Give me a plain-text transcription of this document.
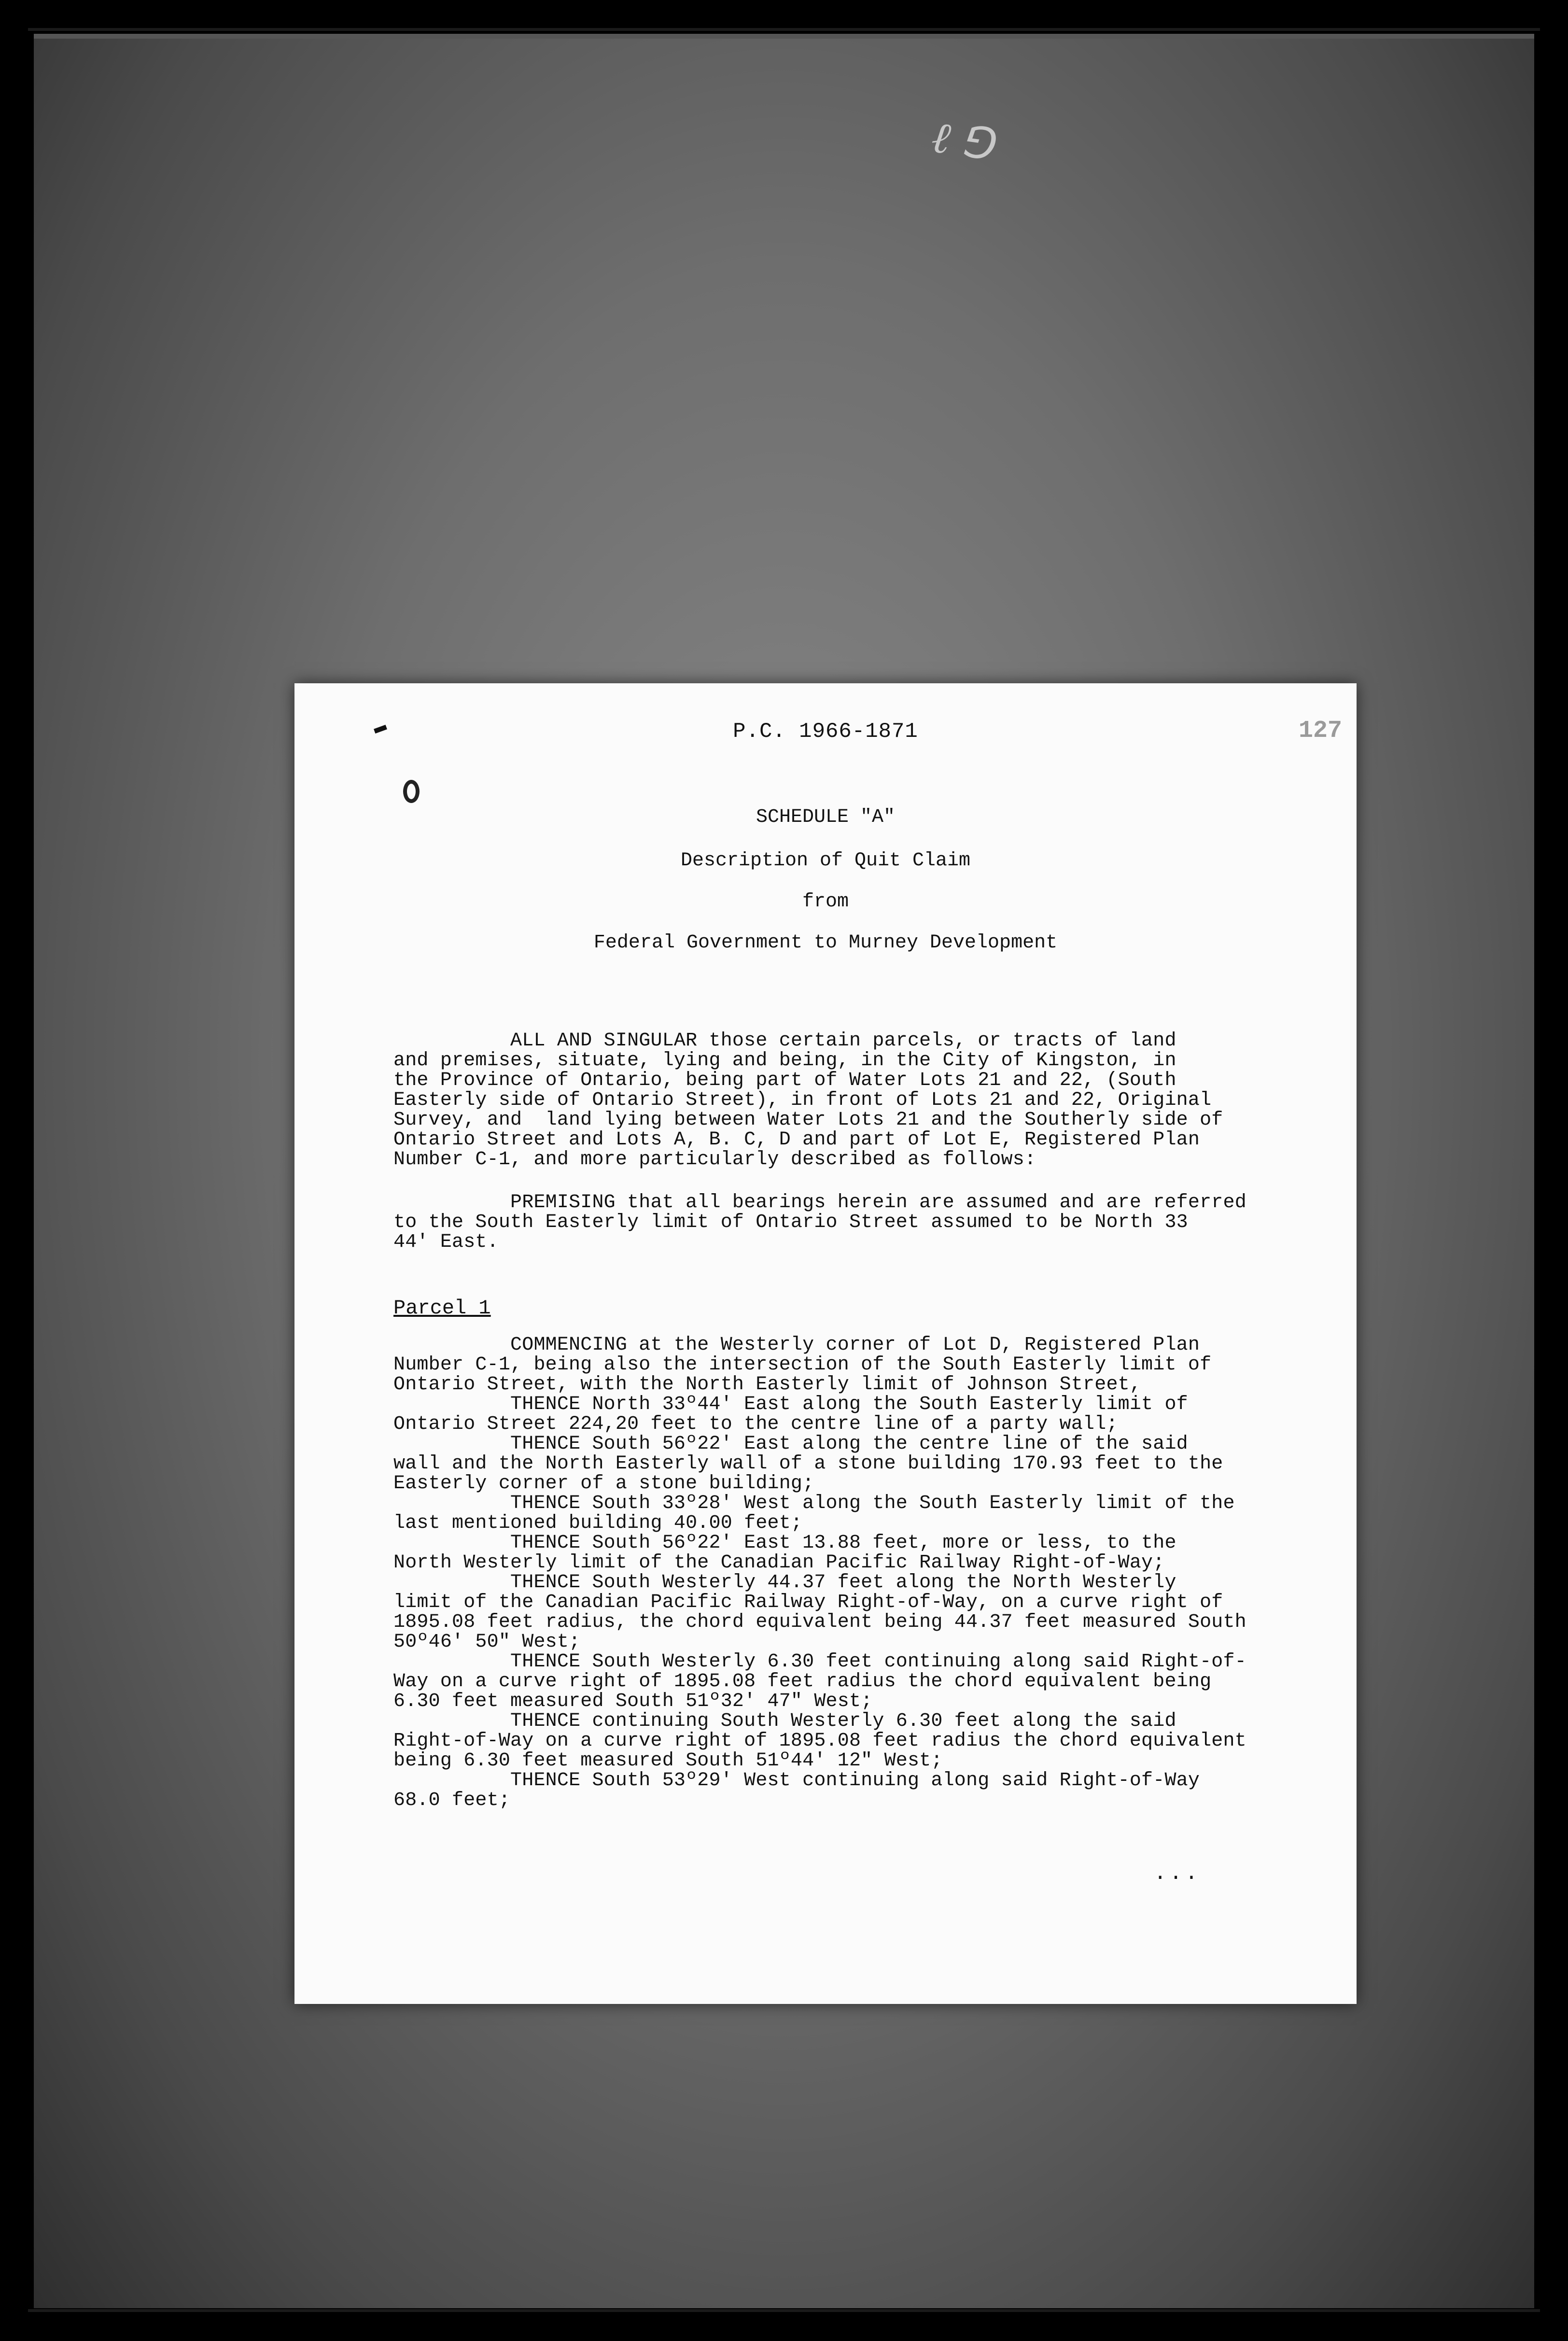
ℓ ⅁
P.C. 1966-1871	127
SCHEDULE "A"
Description of Quit Claim
from
Federal Government to Murney Development
ALL AND SINGULAR those certain parcels, or tracts of land
and premises, situate, lying and being, in the City of Kingston, in
the Province of Ontario, being part of Water Lots 21 and 22, (South
Easterly side of Ontario Street), in front of Lots 21 and 22, Original
Survey, and  land lying between Water Lots 21 and the Southerly side of
Ontario Street and Lots A, B. C, D and part of Lot E, Registered Plan
Number C-1, and more particularly described as follows:
PREMISING that all bearings herein are assumed and are referred
to the South Easterly limit of Ontario Street assumed to be North 33
44' East.
Parcel 1
COMMENCING at the Westerly corner of Lot D, Registered Plan
Number C-1, being also the intersection of the South Easterly limit of
Ontario Street, with the North Easterly limit of Johnson Street,
THENCE North 33º44' East along the South Easterly limit of
Ontario Street 224,20 feet to the centre line of a party wall;
THENCE South 56º22' East along the centre line of the said
wall and the North Easterly wall of a stone building 170.93 feet to the
Easterly corner of a stone building;
THENCE South 33º28' West along the South Easterly limit of the
last mentioned building 40.00 feet;
THENCE South 56º22' East 13.88 feet, more or less, to the
North Westerly limit of the Canadian Pacific Railway Right-of-Way;
THENCE South Westerly 44.37 feet along the North Westerly
limit of the Canadian Pacific Railway Right-of-Way, on a curve right of
1895.08 feet radius, the chord equivalent being 44.37 feet measured South
50º46' 50" West;
THENCE South Westerly 6.30 feet continuing along said Right-of-
Way on a curve right of 1895.08 feet radius the chord equivalent being
6.30 feet measured South 51º32' 47" West;
THENCE continuing South Westerly 6.30 feet along the said
Right-of-Way on a curve right of 1895.08 feet radius the chord equivalent
being 6.30 feet measured South 51º44' 12" West;
THENCE South 53º29' West continuing along said Right-of-Way
68.0 feet;
...
